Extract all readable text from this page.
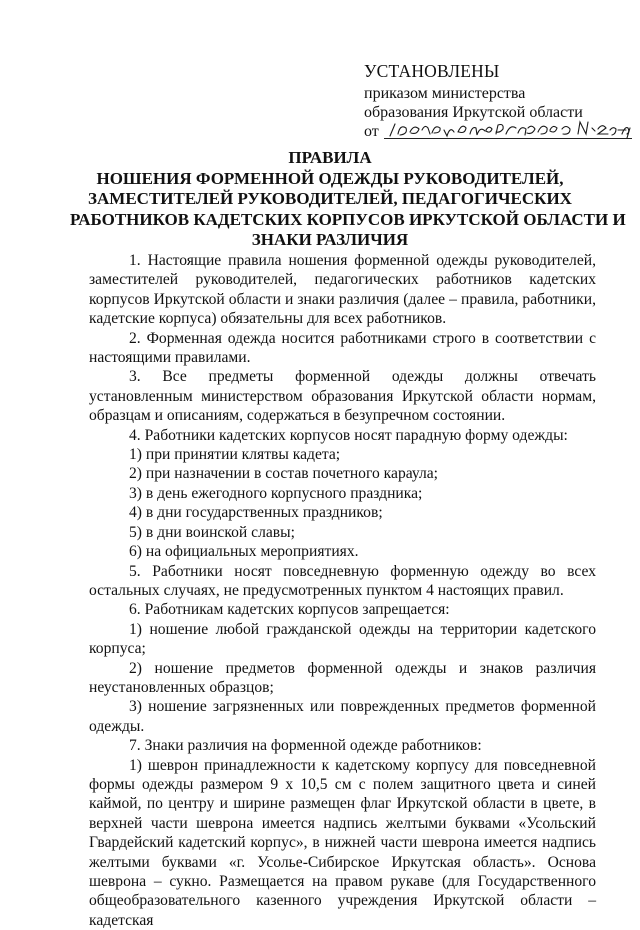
УСТАНОВЛЕНЫ
приказом министерства
образования Иркутской области
от
ПРАВИЛА
НОШЕНИЯ ФОРМЕННОЙ ОДЕЖДЫ РУКОВОДИТЕЛЕЙ,
ЗАМЕСТИТЕЛЕЙ РУКОВОДИТЕЛЕЙ, ПЕДАГОГИЧЕСКИХ
РАБОТНИКОВ КАДЕТСКИХ КОРПУСОВ ИРКУТСКОЙ ОБЛАСТИ И
ЗНАКИ РАЗЛИЧИЯ

1. Настоящие правила ношения форменной одежды руководителей, заместителей руководителей, педагогических работников кадетских корпусов Иркутской области и знаки различия (далее – правила, работники, кадетские корпуса) обязательны для всех работников.

2. Форменная одежда носится работниками строго в соответствии с настоящими правилами.

3. Все предметы форменной одежды должны отвечать установленным министерством образования Иркутской области нормам, образцам и описаниям, содержаться в безупречном состоянии.

4. Работники кадетских корпусов носят парадную форму одежды:

1) при принятии клятвы кадета;

2) при назначении в состав почетного караула;

3) в день ежегодного корпусного праздника;

4) в дни государственных праздников;

5) в дни воинской славы;

6) на официальных мероприятиях.

5. Работники носят повседневную форменную одежду во всех остальных случаях, не предусмотренных пунктом 4 настоящих правил.

6. Работникам кадетских корпусов запрещается:

1) ношение любой гражданской одежды на территории кадетского корпуса;

2) ношение предметов форменной одежды и знаков различия неустановленных образцов;

3) ношение загрязненных или поврежденных предметов форменной одежды.

7. Знаки различия на форменной одежде работников:

1) шеврон принадлежности к кадетскому корпусу для повседневной формы одежды размером 9 х 10,5 см с полем защитного цвета и синей каймой, по центру и ширине размещен флаг Иркутской области в цвете, в верхней части шеврона имеется надпись желтыми буквами «Усольский Гвардейский кадетский корпус», в нижней части шеврона имеется надпись желтыми буквами «г. Усолье-Сибирское Иркутская область». Основа шеврона – сукно. Размещается на правом рукаве (для Государственного общеобразовательного казенного учреждения Иркутской области – кадетская
